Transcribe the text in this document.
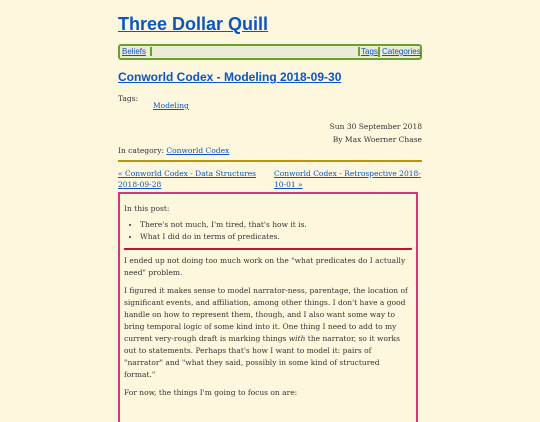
Three Dollar Quill
Beliefs	Tags Categories
Conworld Codex - Modeling 2018-09-30
Tags:
Modeling
Sun 30 September 2018
By Max Woerner Chase
In category: Conworld Codex
« Conworld Codex - Data Structures 2018-09-28
Conworld Codex - Retrospective 2018-10-01 »

In this post:

• There's not much, I'm tired, that's how it is.
• What I did do in terms of predicates.

I ended up not doing too much work on the "what predicates do I actually need" problem.

I figured it makes sense to model narrator-ness, parentage, the location of significant events, and affiliation, among other things. I don't have a good handle on how to represent them, though, and I also want some way to bring temporal logic of some kind into it. One thing I need to add to my current very-rough draft is marking things with the narrator, so it works out to statements. Perhaps that's how I want to model it: pairs of "narrator" and "what they said, possibly in some kind of structured format."

For now, the things I'm going to focus on are:
